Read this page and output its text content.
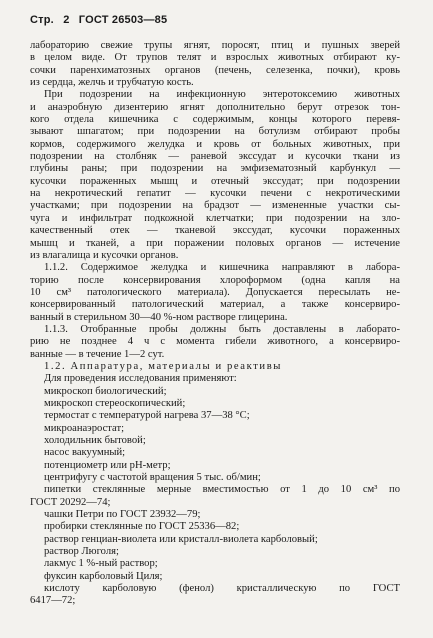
Стр. 2 ГОСТ 26503—85
лабораторию свежие трупы ягнят, поросят, птиц и пушных зверей
в целом виде. От трупов телят и взрослых животных отбирают ку-
сочки паренхиматозных органов (печень, селезенка, почки), кровь
из сердца, желчь и трубчатую кость.
При подозрении на инфекционную энтеротоксемию животных
и анаэробную дизентерию ягнят дополнительно берут отрезок тон-
кого отдела кишечника с содержимым, концы которого перевя-
зывают шпагатом; при подозрении на ботулизм отбирают пробы
кормов, содержимого желудка и кровь от больных животных, при
подозрении на столбняк — раневой экссудат и кусочки ткани из
глубины раны; при подозрении на эмфизематозный карбункул —
кусочки пораженных мышц и отечный экссудат; при подозрении
на некротический гепатит — кусочки печени с некротическими
участками; при подозрении на брадзот — измененные участки сы-
чуга и инфильтрат подкожной клетчатки; при подозрении на зло-
качественный отек — тканевой экссудат, кусочки пораженных
мышц и тканей, а при поражении половых органов — истечение
из влагалища и кусочки органов.
1.1.2. Содержимое желудка и кишечника направляют в лабора-
торию после консервирования хлороформом (одна капля на
10 см³ патологического материала). Допускается пересылать не-
консервированный патологический материал, а также консервиро-
ванный в стерильном 30—40 %-ном растворе глицерина.
1.1.3. Отобранные пробы должны быть доставлены в лаборато-
рию не позднее 4 ч с момента гибели животного, а консервиро-
ванные — в течение 1—2 сут.
1.2. Аппаратура, материалы и реактивы
Для проведения исследования применяют:
микроскоп биологический;
микроскоп стереоскопический;
термостат с температурой нагрева 37—38 °С;
микроанаэростат;
холодильник бытовой;
насос вакуумный;
потенциометр или рН-метр;
центрифугу с частотой вращения 5 тыс. об/мин;
пипетки стеклянные мерные вместимостью от 1 до 10 см³ по
ГОСТ 20292—74;
чашки Петри по ГОСТ 23932—79;
пробирки стеклянные по ГОСТ 25336—82;
раствор генциан-виолета или кристалл-виолета карболовый;
раствор Люголя;
лакмус 1 %-ный раствор;
фуксин карболовый Циля;
кислоту карболовую (фенол) кристаллическую по ГОСТ
6417—72;
